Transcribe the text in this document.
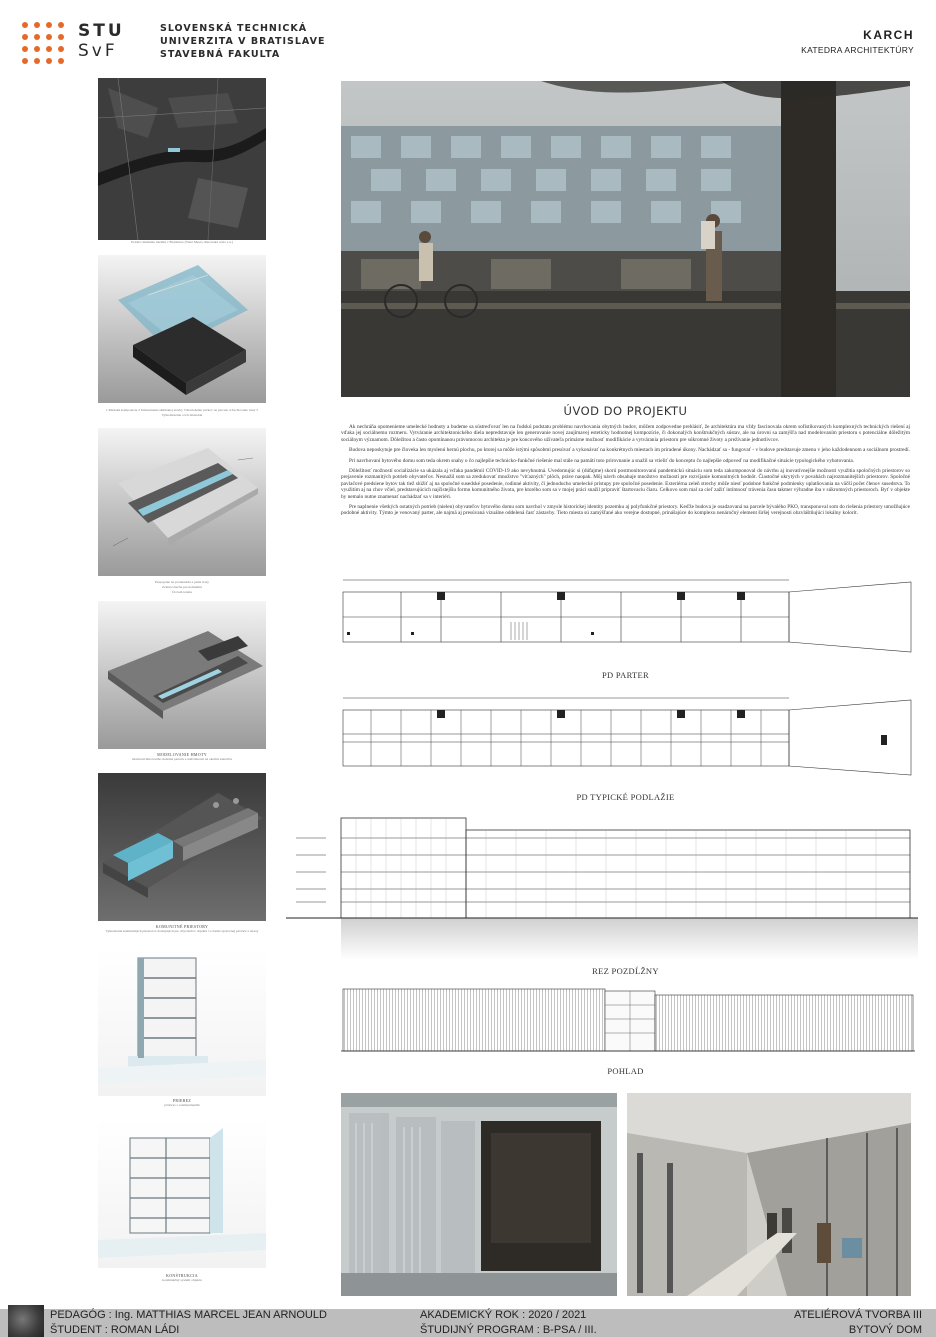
STU
SvF
SLOVENSKÁ TECHNICKÁ
UNIVERZITA V BRATISLAVE
STAVEBNÁ FAKULTA
KARCH
KATEDRA ARCHITEKTÚRY
Poloha riešeného územia v Bratislave (Staré Mesto, Rusovská cesta a n.)
1 Mestské kompozície 2 Umiestnenie skúmanej stavby 3 Rozloženie prvkov na parcele 4 Zachovanie trasy 5 Vyhodnotenie a ich dôsledok
Prepojenie na promenádu a pešie trasy
Zelená strecha pre komunitu
Úroveň terénu
MODELOVANIE HMOTY
možnosti hmotového riešenia parteru a nadväznosti na okolitú zástavbu
KOMUNITNÉ PRIESTORY
Vykreslenie komunitných priestorov dostupných pre obyvateľov objektu vo forme spoločnej pavlače a terasy
PRIEREZ
pôdorys s rozmiestnením
KONŠTRUKCIA
konštrukčný systém objektu
ÚVOD DO PROJEKTU

Ak nechráňa opomenieme umelecké hodnoty a budeme sa sústreďovať len na ľudskú podstatu problému navrhovania obytných budov, môžem zodpovedne prehlásiť, že architektúra ma vždy fascinovala okrem sofistikovaných komplexných technických riešení aj vďaka jej sociálnemu rozmeru. Vytváranie architektonického diela nepredstavuje len generovanie novej zaujímavej esteticky hodnotnej kompozície, či dokonalých konštrukčných sústav, ale na úrovni sa zamýšľa nad modelovaním priestoru s potenciálne dôležitým sociálnym významom. Dôležitou a často opomínanou právomocou architekta je pre koncového užívateľa primárne možnosť modifikácie a vytvárania priestoru pre súkromné životy a prežívanie jednotlivcov.

Budova neposkytuje pre človeka len myslenú hernú plochu, po ktorej sa môže istými spôsobmi presúvať a vykonávať na konkrétnych miestach im priradené úkony. Nachádzať sa - fungovať - v budove predstavuje zmenu v jeho každodennom a sociálnom prostredí.

Pri navrhovaní bytového domu som teda okrem snahy o čo najlepšie technicko-funkčné riešenie mal stále na pamäti toto prirovnanie a snažil sa vtieliť do konceptu čo najlepšie odpoveď na modifikačné situácie typologického vyhotovania.

Dôležitosť možností socializácie sa ukázala aj vďaka pandémii COVID-19 ako nevyhnutná. Uvedomujúc si (dúfajme) skorú postmonitorovanú pandemickú situáciu som teda zakomponoval do návrhu aj inovatívnejšie možnosti využitia spoločných priestorov so prejavenie rozmanitých potrieb obyvateľov. Nesnažil som sa zredukovať množstvo "víťazných" plôch, práve naopak. Môj návrh obsahuje množstvo možností pre rozvíjanie komunitných hodnôt. Čiastočné ukrytých v povahách najrozmanitejších priestorov. Spoločné pavlačové predsiene bytov tak tiež slúžiť aj na spoločné susedské posedenie, rodinné aktivity, či jednoducho umelecké prístupy pre spoločné posedenie. Exteriérna zeleň strechy môže niesť podobné funkčné podmienky uplatňovania na väčší počet členov susedstva. To využitím aj na chov včiel, predstavujúcich najčistejšiu formu komunitného života, pre ktorého som sa v mojej práci snažil pripraviť štartovaciu čiaru. Celkovo som mal za cieľ zažiť intímnosť trávenia času takmer výhradne iba v súkromných priestoroch. Byť v objekte by nemalo nutne znamenať nachádzať sa v interiéri.

Pre naplnenie všetkých ostatných potrieb (nielen) obyvateľov bytového domu som navrhol v zmysle historickej identity pozemku aj polyfunkčné priestory. Keďže budova je osadzovaná na parcele bývalého PKO, transponoval som do riešenia priestory umožňujúce podobné aktivity. Týmto je venovaný parter, ale najmä aj presúvaná vizuálne oddelená časť zástavby. Tieto miesta sú zamýšľané ako verejne dostupné, prinášajúce do komplexu nenáročný element širšej verejnosti obzvláštňujúci lokálny kolorit.

PD PARTER
PD TYPICKÉ PODLAŽIE
REZ POZDĹŽNY
POHLAD
PEDAGÓG : Ing. MATTHIAS MARCEL JEAN ARNOULD
ŠTUDENT : ROMAN LÁDI
AKADEMICKÝ ROK : 2020 / 2021
ŠTUDIJNÝ PROGRAM : B-PSA / III.
ATELIÉROVÁ TVORBA III
BYTOVÝ DOM
